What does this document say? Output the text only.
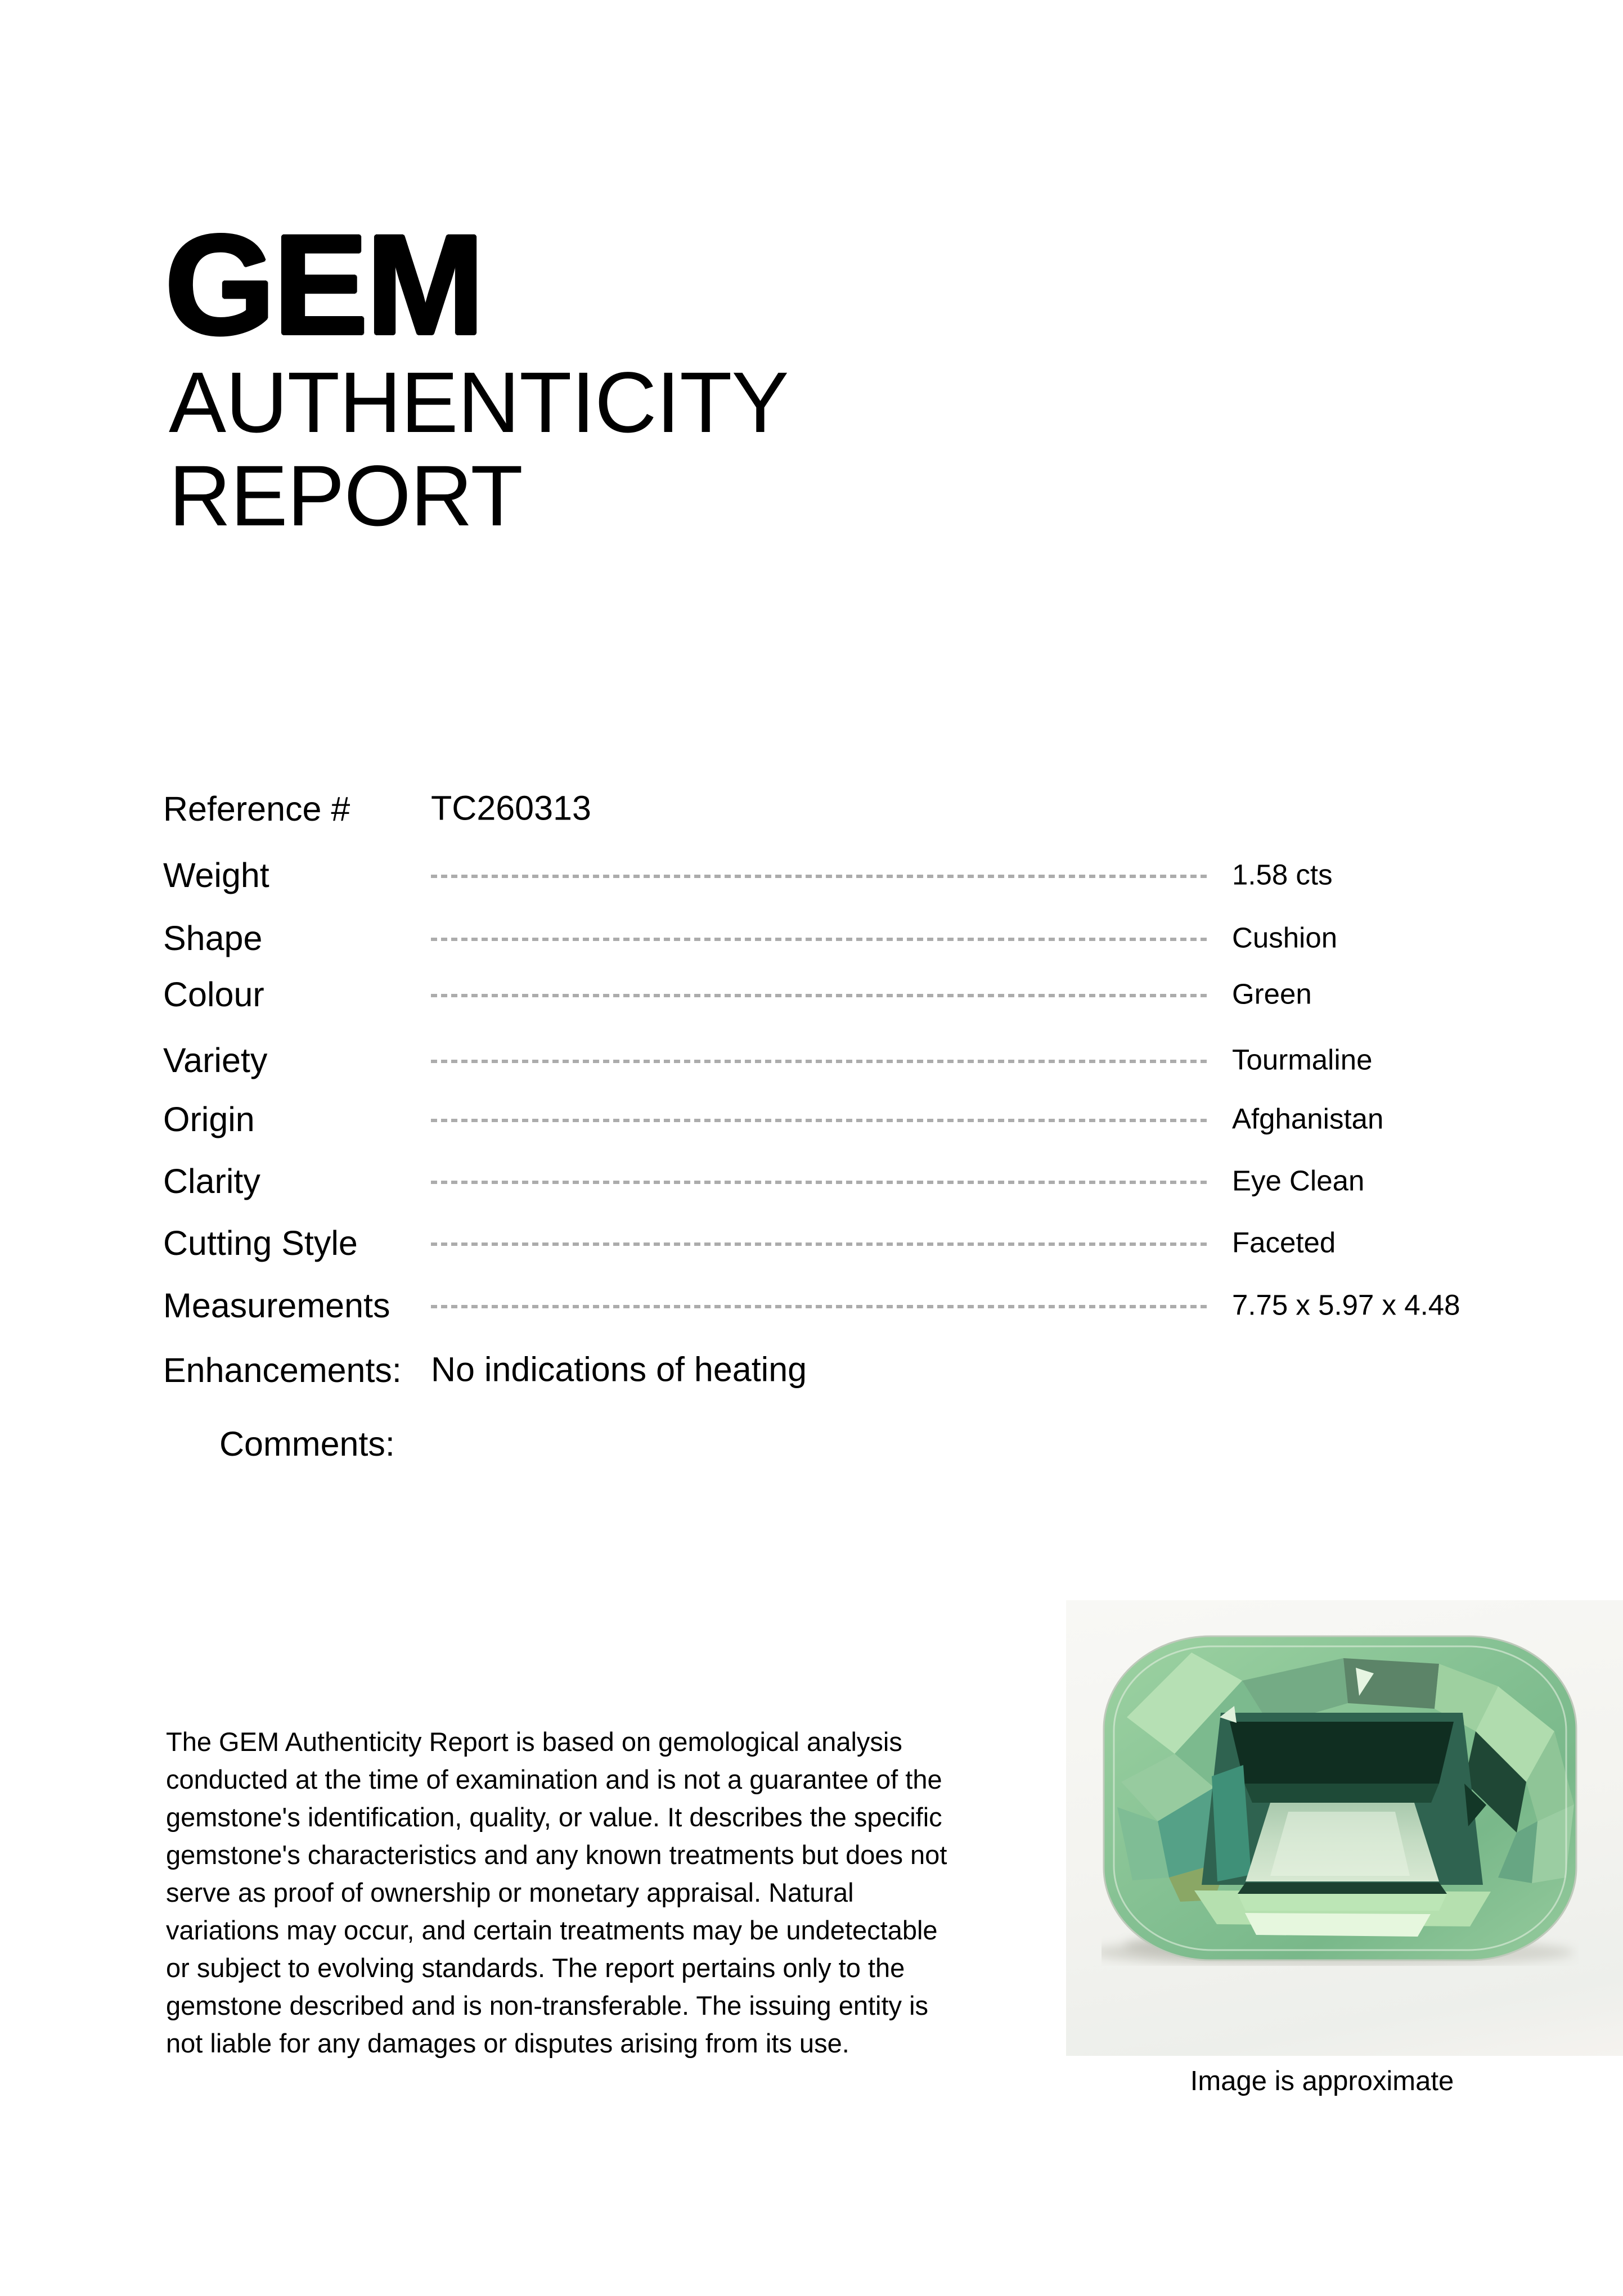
GEM
AUTHENTICITY REPORT
Reference #	TC260313
Weight	1.58 cts
Shape	Cushion
Colour	Green
Variety	Tourmaline
Origin	Afghanistan
Clarity	Eye Clean
Cutting Style	Faceted
Measurements	7.75 x 5.97 x 4.48
Enhancements: No indications of heating
Comments:
The GEM Authenticity Report is based on gemological analysis
conducted at the time of examination and is not a guarantee of the
gemstone's identification, quality, or value. It describes the specific
gemstone's characteristics and any known treatments but does not
serve as proof of ownership or monetary appraisal. Natural
variations may occur, and certain treatments may be undetectable
or subject to evolving standards. The report pertains only to the
gemstone described and is non-transferable. The issuing entity is
not liable for any damages or disputes arising from its use.
Image is approximate
